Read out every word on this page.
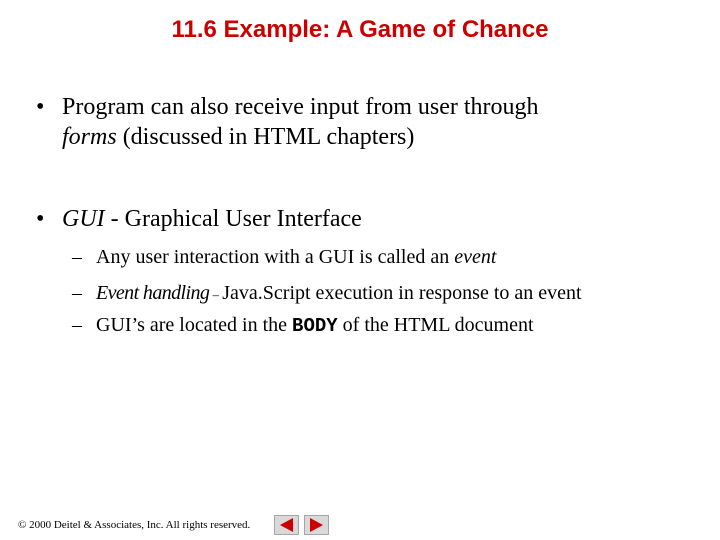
11.6 Example: A Game of Chance
• Program can also receive input from user through
forms (discussed in HTML chapters)
• GUI - Graphical User Interface
– Any user interaction with a GUI is called an event
– Event handling – Java.Script execution in response to an event
– GUI’s are located in the BODY of the HTML document
© 2000 Deitel & Associates, Inc. All rights reserved.
